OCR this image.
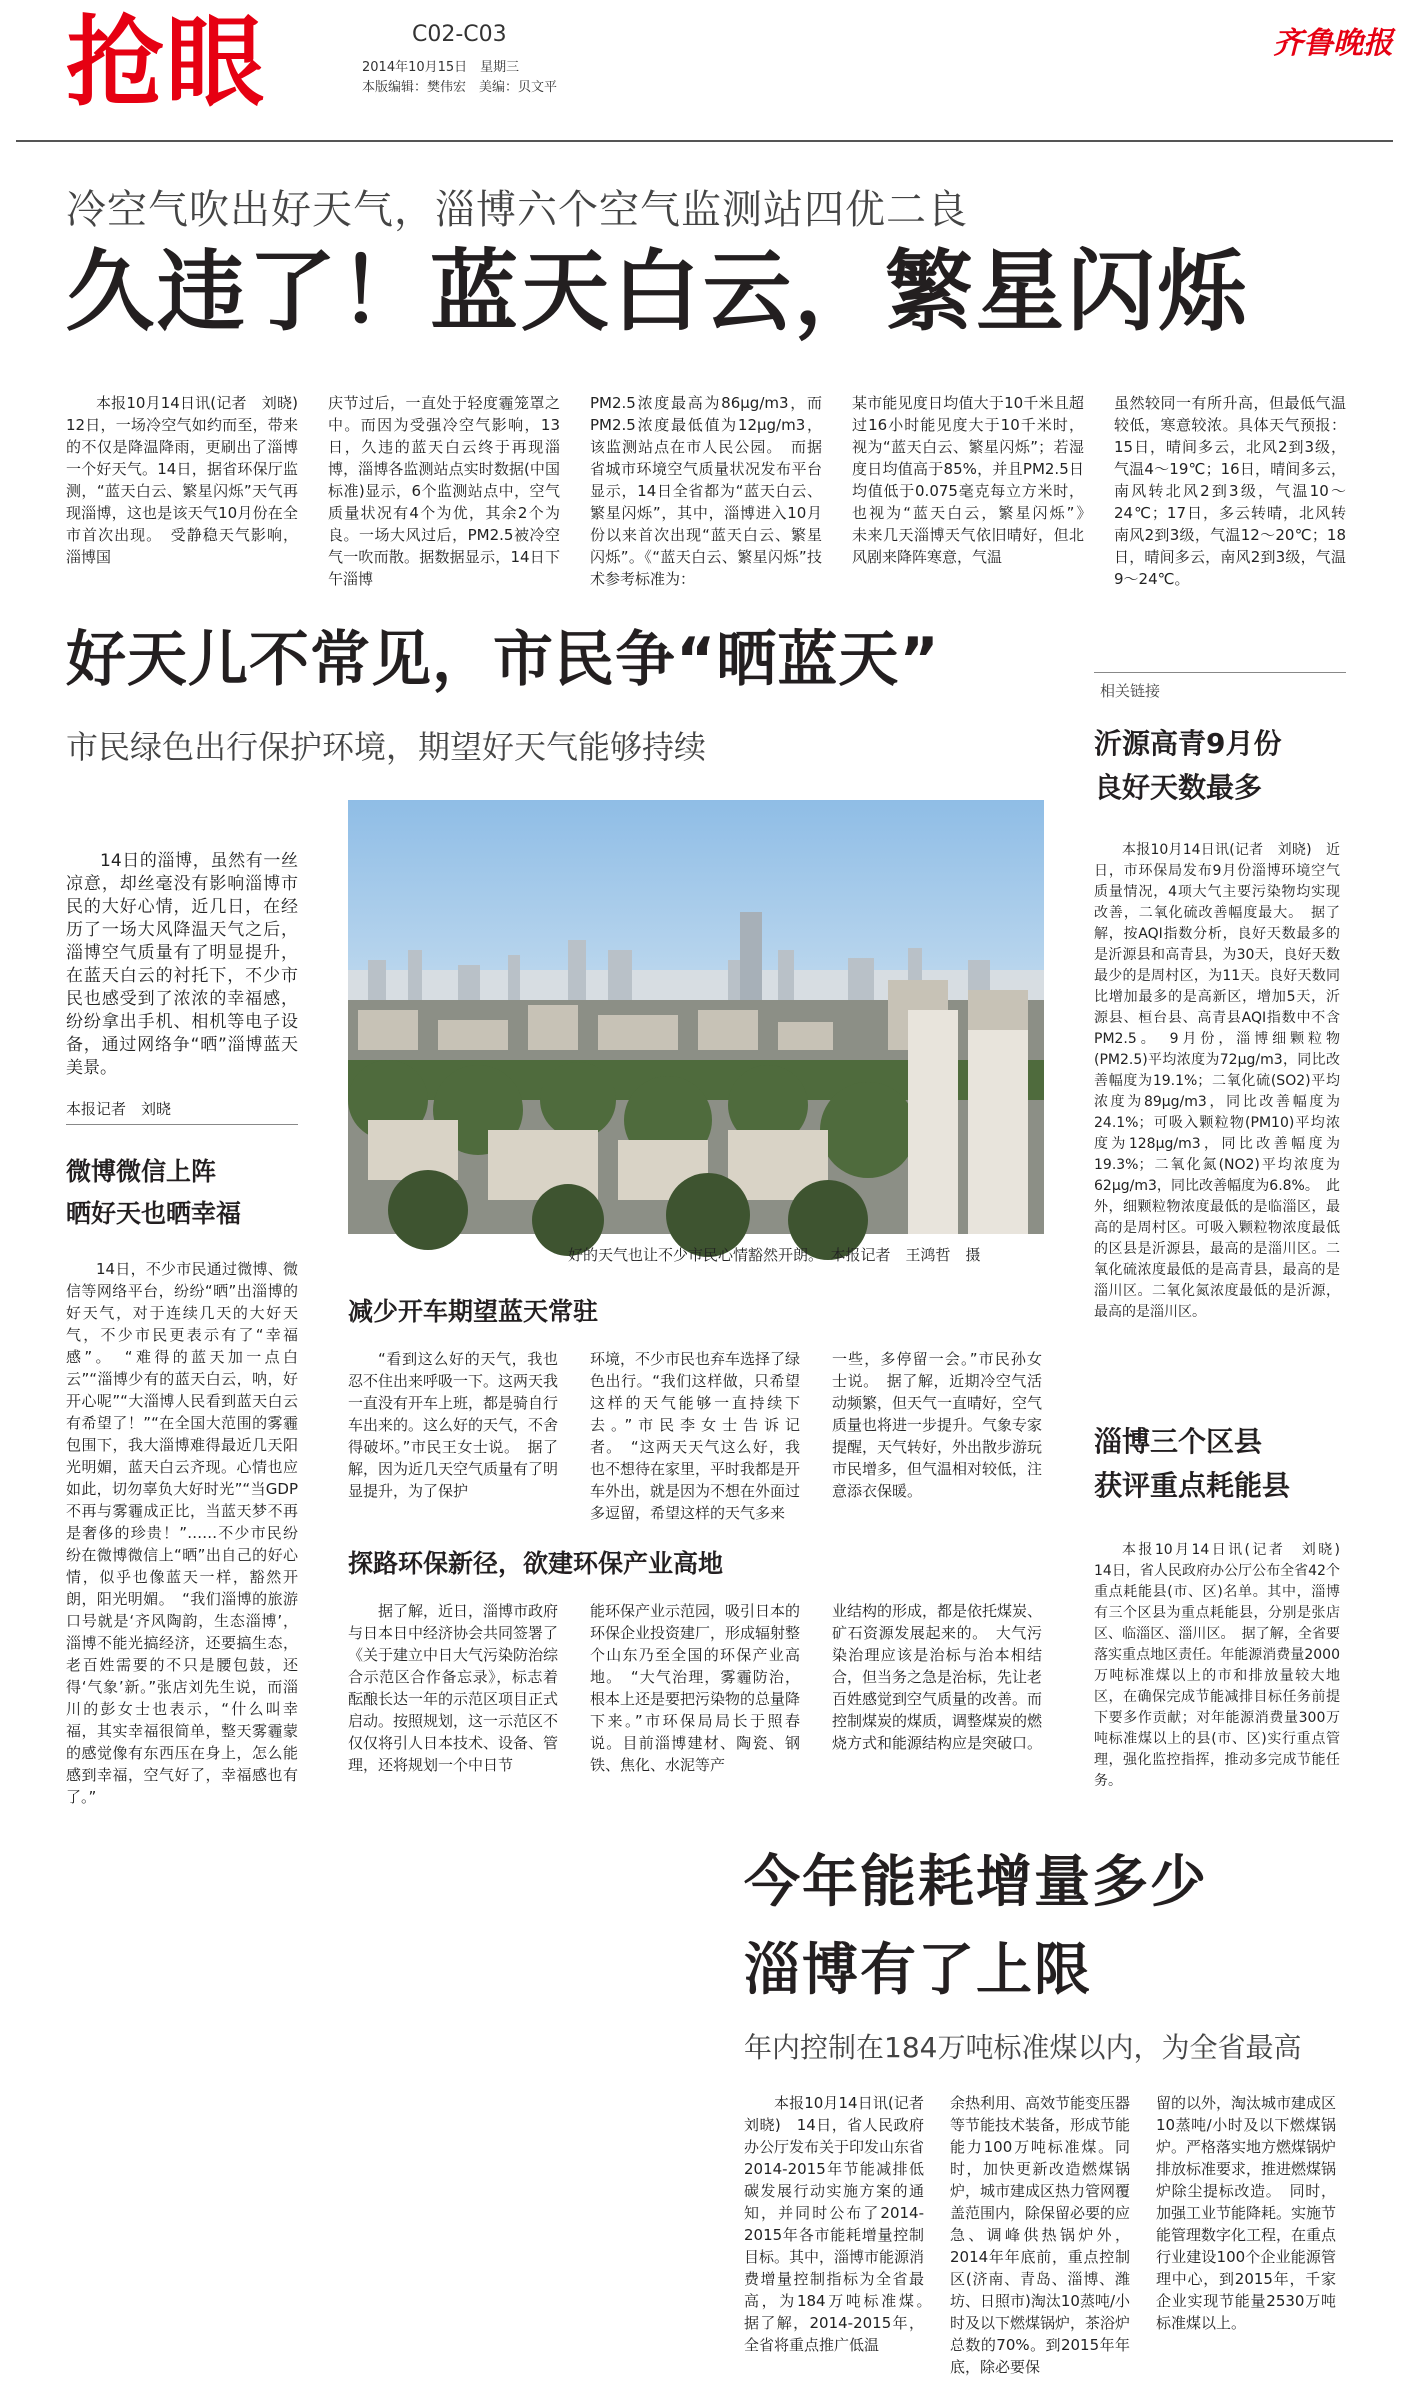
抢眼	C02-C03
2014年10月15日　星期三
本版编辑：樊伟宏　美编：贝文平
齐鲁晚报
冷空气吹出好天气，淄博六个空气监测站四优二良
久违了！蓝天白云，繁星闪烁

本报10月14日讯(记者　刘晓)　12日，一场冷空气如约而至，带来的不仅是降温降雨，更刷出了淄博一个好天气。14日，据省环保厅监测，“蓝天白云、繁星闪烁”天气再现淄博，这也是该天气10月份在全市首次出现。　受静稳天气影响，淄博国

庆节过后，一直处于轻度霾笼罩之中。而因为受强冷空气影响，13日，久违的蓝天白云终于再现淄博，淄博各监测站点实时数据(中国标准)显示，6个监测站点中，空气质量状况有4个为优，其余2个为良。一场大风过后，PM2.5被冷空气一吹而散。据数据显示，14日下午淄博

PM2.5浓度最高为86μg/m3，而PM2.5浓度最低值为12μg/m3，该监测站点在市人民公园。　而据省城市环境空气质量状况发布平台显示，14日全省都为“蓝天白云、繁星闪烁”，其中，淄博进入10月份以来首次出现“蓝天白云、繁星闪烁”。《“蓝天白云、繁星闪烁”技术参考标准为：

某市能见度日均值大于10千米且超过16小时能见度大于10千米时，视为“蓝天白云、繁星闪烁”；若湿度日均值高于85%，并且PM2.5日均值低于0.075毫克每立方米时，也视为“蓝天白云，繁星闪烁”》　未来几天淄博天气依旧晴好，但北风剧来降阵寒意，气温

虽然较同一有所升高，但最低气温较低，寒意较浓。具体天气预报：15日，晴间多云，北风2到3级，气温4～19℃；16日，晴间多云，南风转北风2到3级，气温10～24℃；17日，多云转晴，北风转南风2到3级，气温12～20℃；18日，晴间多云，南风2到3级，气温9～24℃。

好天儿不常见，市民争“晒蓝天”
市民绿色出行保护环境，期望好天气能够持续

14日的淄博，虽然有一丝凉意，却丝毫没有影响淄博市民的大好心情，近几日，在经历了一场大风降温天气之后，淄博空气质量有了明显提升，在蓝天白云的衬托下，不少市民也感受到了浓浓的幸福感，纷纷拿出手机、相机等电子设备，通过网络争“晒”淄博蓝天美景。

本报记者　刘晓
微博微信上阵
晒好天也晒幸福

14日，不少市民通过微博、微信等网络平台，纷纷“晒”出淄博的好天气，对于连续几天的大好天气，不少市民更表示有了“幸福感”。　“难得的蓝天加一点白云”“淄博少有的蓝天白云，呐，好开心呢”“大淄博人民看到蓝天白云有希望了！”“在全国大范围的雾霾包围下，我大淄博难得最近几天阳光明媚，蓝天白云齐现。心情也应如此，切勿辜负大好时光”“当GDP不再与雾霾成正比，当蓝天梦不再是奢侈的珍贵！”……不少市民纷纷在微博微信上“晒”出自己的好心情，似乎也像蓝天一样，豁然开朗，阳光明媚。　“我们淄博的旅游口号就是‘齐风陶韵，生态淄博’，淄博不能光搞经济，还要搞生态，老百姓需要的不只是腰包鼓，还得‘气象’新。”张店刘先生说，而淄川的彭女士也表示，“什么叫幸福，其实幸福很简单，整天雾霾蒙的感觉像有东西压在身上，怎么能感到幸福，空气好了，幸福感也有了。”

好的天气也让不少市民心情豁然开朗。　本报记者　王鸿哲　摄
减少开车期望蓝天常驻

“看到这么好的天气，我也忍不住出来呼吸一下。这两天我一直没有开车上班，都是骑自行车出来的。这么好的天气，不舍得破坏。”市民王女士说。　据了解，因为近几天空气质量有了明显提升，为了保护

环境，不少市民也弃车选择了绿色出行。“我们这样做，只希望这样的天气能够一直持续下去。”市民李女士告诉记者。　“这两天天气这么好，我也不想待在家里，平时我都是开车外出，就是因为不想在外面过多逗留，希望这样的天气多来

一些，多停留一会。”市民孙女士说。　据了解，近期冷空气活动频繁，但天气一直晴好，空气质量也将进一步提升。气象专家提醒，天气转好，外出散步游玩市民增多，但气温相对较低，注意添衣保暖。

探路环保新径，欲建环保产业高地

据了解，近日，淄博市政府与日本日中经济协会共同签署了《关于建立中日大气污染防治综合示范区合作备忘录》，标志着酝酿长达一年的示范区项目正式启动。按照规划，这一示范区不仅仅将引人日本技术、设备、管理，还将规划一个中日节

能环保产业示范园，吸引日本的环保企业投资建厂，形成辐射整个山东乃至全国的环保产业高地。　“大气治理，雾霾防治，根本上还是要把污染物的总量降下来。”市环保局局长于照春说。目前淄博建材、陶瓷、钢铁、焦化、水泥等产

业结构的形成，都是依托煤炭、矿石资源发展起来的。　大气污染治理应该是治标与治本相结合，但当务之急是治标，先让老百姓感觉到空气质量的改善。而控制煤炭的煤质，调整煤炭的燃烧方式和能源结构应是突破口。

相关链接
沂源高青9月份
良好天数最多

本报10月14日讯(记者　刘晓)　近日，市环保局发布9月份淄博环境空气质量情况，4项大气主要污染物均实现改善，二氧化硫改善幅度最大。　据了解，按AQI指数分析，良好天数最多的是沂源县和高青县，为30天，良好天数最少的是周村区，为11天。良好天数同比增加最多的是高新区，增加5天，沂源县、桓台县、高青县AQI指数中不含PM2.5。　9月份，淄博细颗粒物(PM2.5)平均浓度为72μg/m3，同比改善幅度为19.1%；二氧化硫(SO2)平均浓度为89μg/m3，同比改善幅度为24.1%；可吸入颗粒物(PM10)平均浓度为128μg/m3，同比改善幅度为19.3%；二氧化氮(NO2)平均浓度为62μg/m3，同比改善幅度为6.8%。　此外，细颗粒物浓度最低的是临淄区，最高的是周村区。可吸入颗粒物浓度最低的区县是沂源县，最高的是淄川区。二氧化硫浓度最低的是高青县，最高的是淄川区。二氧化氮浓度最低的是沂源，最高的是淄川区。

淄博三个区县
获评重点耗能县

本报10月14日讯(记者　刘晓)　14日，省人民政府办公厅公布全省42个重点耗能县(市、区)名单。其中，淄博有三个区县为重点耗能县，分别是张店区、临淄区、淄川区。　据了解，全省要落实重点地区责任。年能源消费量2000万吨标准煤以上的市和排放量较大地区，在确保完成节能减排目标任务前提下要多作贡献；对年能源消费量300万吨标准煤以上的县(市、区)实行重点管理，强化监控指挥，推动多完成节能任务。

今年能耗增量多少
淄博有了上限
年内控制在184万吨标准煤以内，为全省最高

本报10月14日讯(记者　刘晓)　14日，省人民政府办公厅发布关于印发山东省2014-2015年节能减排低碳发展行动实施方案的通知，并同时公布了2014-2015年各市能耗增量控制目标。其中，淄博市能源消费增量控制指标为全省最高，为184万吨标准煤。　据了解，2014-2015年，全省将重点推广低温

余热利用、高效节能变压器等节能技术装备，形成节能能力100万吨标准煤。同时，加快更新改造燃煤锅炉，城市建成区热力管网覆盖范围内，除保留必要的应急、调峰供热锅炉外，2014年年底前，重点控制区(济南、青岛、淄博、潍坊、日照市)淘汰10蒸吨/小时及以下燃煤锅炉，茶浴炉总数的70%。到2015年年底，除必要保

留的以外，淘汰城市建成区10蒸吨/小时及以下燃煤锅炉。严格落实地方燃煤锅炉排放标准要求，推进燃煤锅炉除尘提标改造。　同时，加强工业节能降耗。实施节能管理数字化工程，在重点行业建设100个企业能源管理中心，到2015年，千家企业实现节能量2530万吨标准煤以上。
